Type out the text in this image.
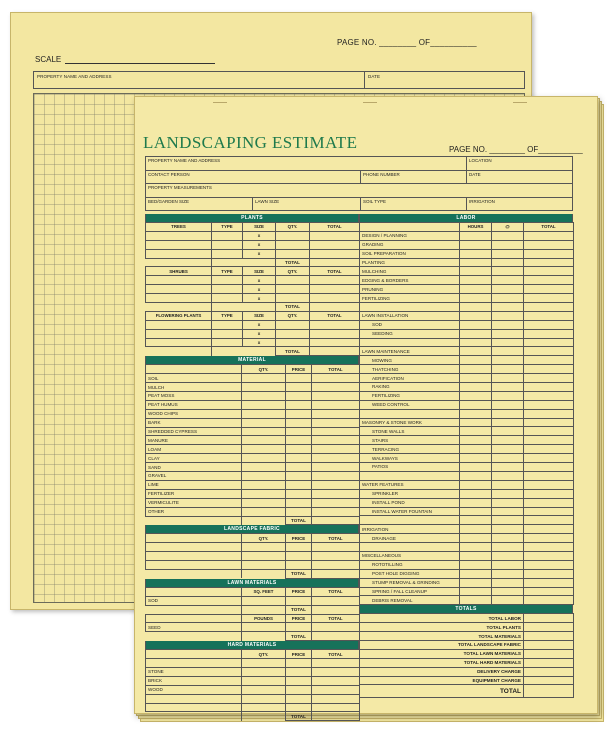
PAGE NO. ________ OF__________
SCALE
PROPERTY NAME AND ADDRESS	DATE
LANDSCAPING ESTIMATE	PAGE NO. ________ OF__________
PROPERTY NAME AND ADDRESS	LOCATION
CONTACT PERSON	PHONE NUMBER	DATE
PROPERTY MEASUREMENTS
BED/GARDEN SIZE	LAWN SIZE	SOIL TYPE	IRRIGATION
PLANTS
TREES	TYPE	SIZE	QTY.	TOTAL
		x		
		x		
		x		
			TOTAL	
SHRUBS	TYPE	SIZE	QTY.	TOTAL
		x		
		x		
		x		
			TOTAL	
FLOWERING PLANTS	TYPE	SIZE	QTY.	TOTAL
		x		
		x		
		x		
			TOTAL	
MATERIAL
	QTY.	PRICE	TOTAL
SOIL			
MULCH			
PEAT MOSS			
PEAT HUMUS			
WOOD CHIPS			
BARK			
SHREDDED CYPRESS			
MANURE			
LOAM			
CLAY			
SAND			
GRAVEL			
LIME			
FERTILIZER			
VERMICULITE			
OTHER			
		TOTAL	
LANDSCAPE FABRIC
	QTY.	PRICE	TOTAL

		TOTAL	
LAWN MATERIALS
	SQ. FEET	PRICE	TOTAL
SOD			
		TOTAL	
	POUNDS	PRICE	TOTAL
SEED			
		TOTAL	
HARD MATERIALS
	QTY.	PRICE	TOTAL

STONE			
BRICK			
WOOD			

		TOTAL	
LABOR
	HOURS	@	TOTAL
DESIGN / PLANNING			
GRADING			
SOIL PREPARATION			
PLANTING			
MULCHING			
EDGING & BORDERS			
PRUNING			
FERTILIZING			

LAWN INSTALLATION			
SOD			
SEEDING			

LAWN MAINTENANCE			
MOWING			
THATCHING			
AERIFICATION			
RAKING			
FERTILIZING			
WEED CONTROL			

MASONRY & STONE WORK			
STONE WALLS			
STAIRS			
TERRACING			
WALKWAYS			
PATIOS			

WATER FEATURES			
SPRINKLER			
INSTALL POND			
INSTALL WATER FOUNTAIN			

IRRIGATION			
DRAINAGE			

MISCELLANEOUS			
ROTOTILLING			
POST HOLE DIGGING			
STUMP REMOVAL & GRINDING			
SPRING / FALL CLEANUP			
DEBRIS REMOVAL			
TOTALS
TOTAL LABOR	
TOTAL PLANTS	
TOTAL MATERIALS	
TOTAL LANDSCAPE FABRIC	
TOTAL LAWN MATERIALS	
TOTAL HARD MATERIALS	
DELIVERY CHARGE	
EQUIPMENT CHARGE	
TOTAL	
